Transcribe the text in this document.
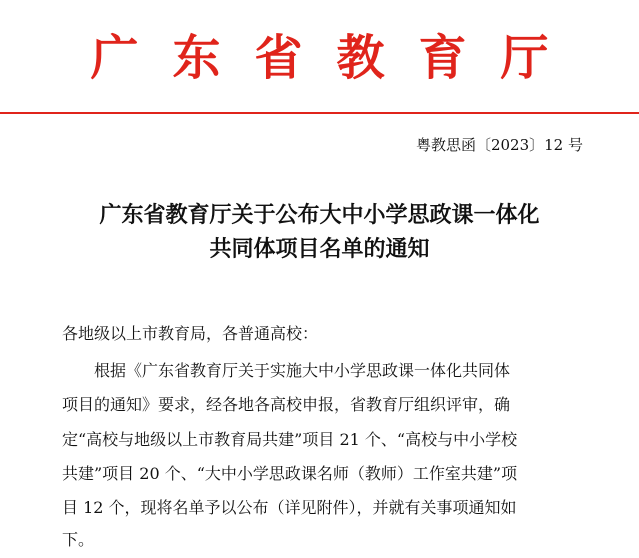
广东省教育厅
粤教思函〔2023〕12 号
广东省教育厅关于公布大中小学思政课一体化
共同体项目名单的通知
各地级以上市教育局，各普通高校：
根据《广东省教育厅关于实施大中小学思政课一体化共同体
项目的通知》要求，经各地各高校申报，省教育厅组织评审，确
定“高校与地级以上市教育局共建”项目 21 个、“高校与中小学校
共建”项目 20 个、“大中小学思政课名师（教师）工作室共建”项
目 12 个，现将名单予以公布（详见附件），并就有关事项通知如
下。
